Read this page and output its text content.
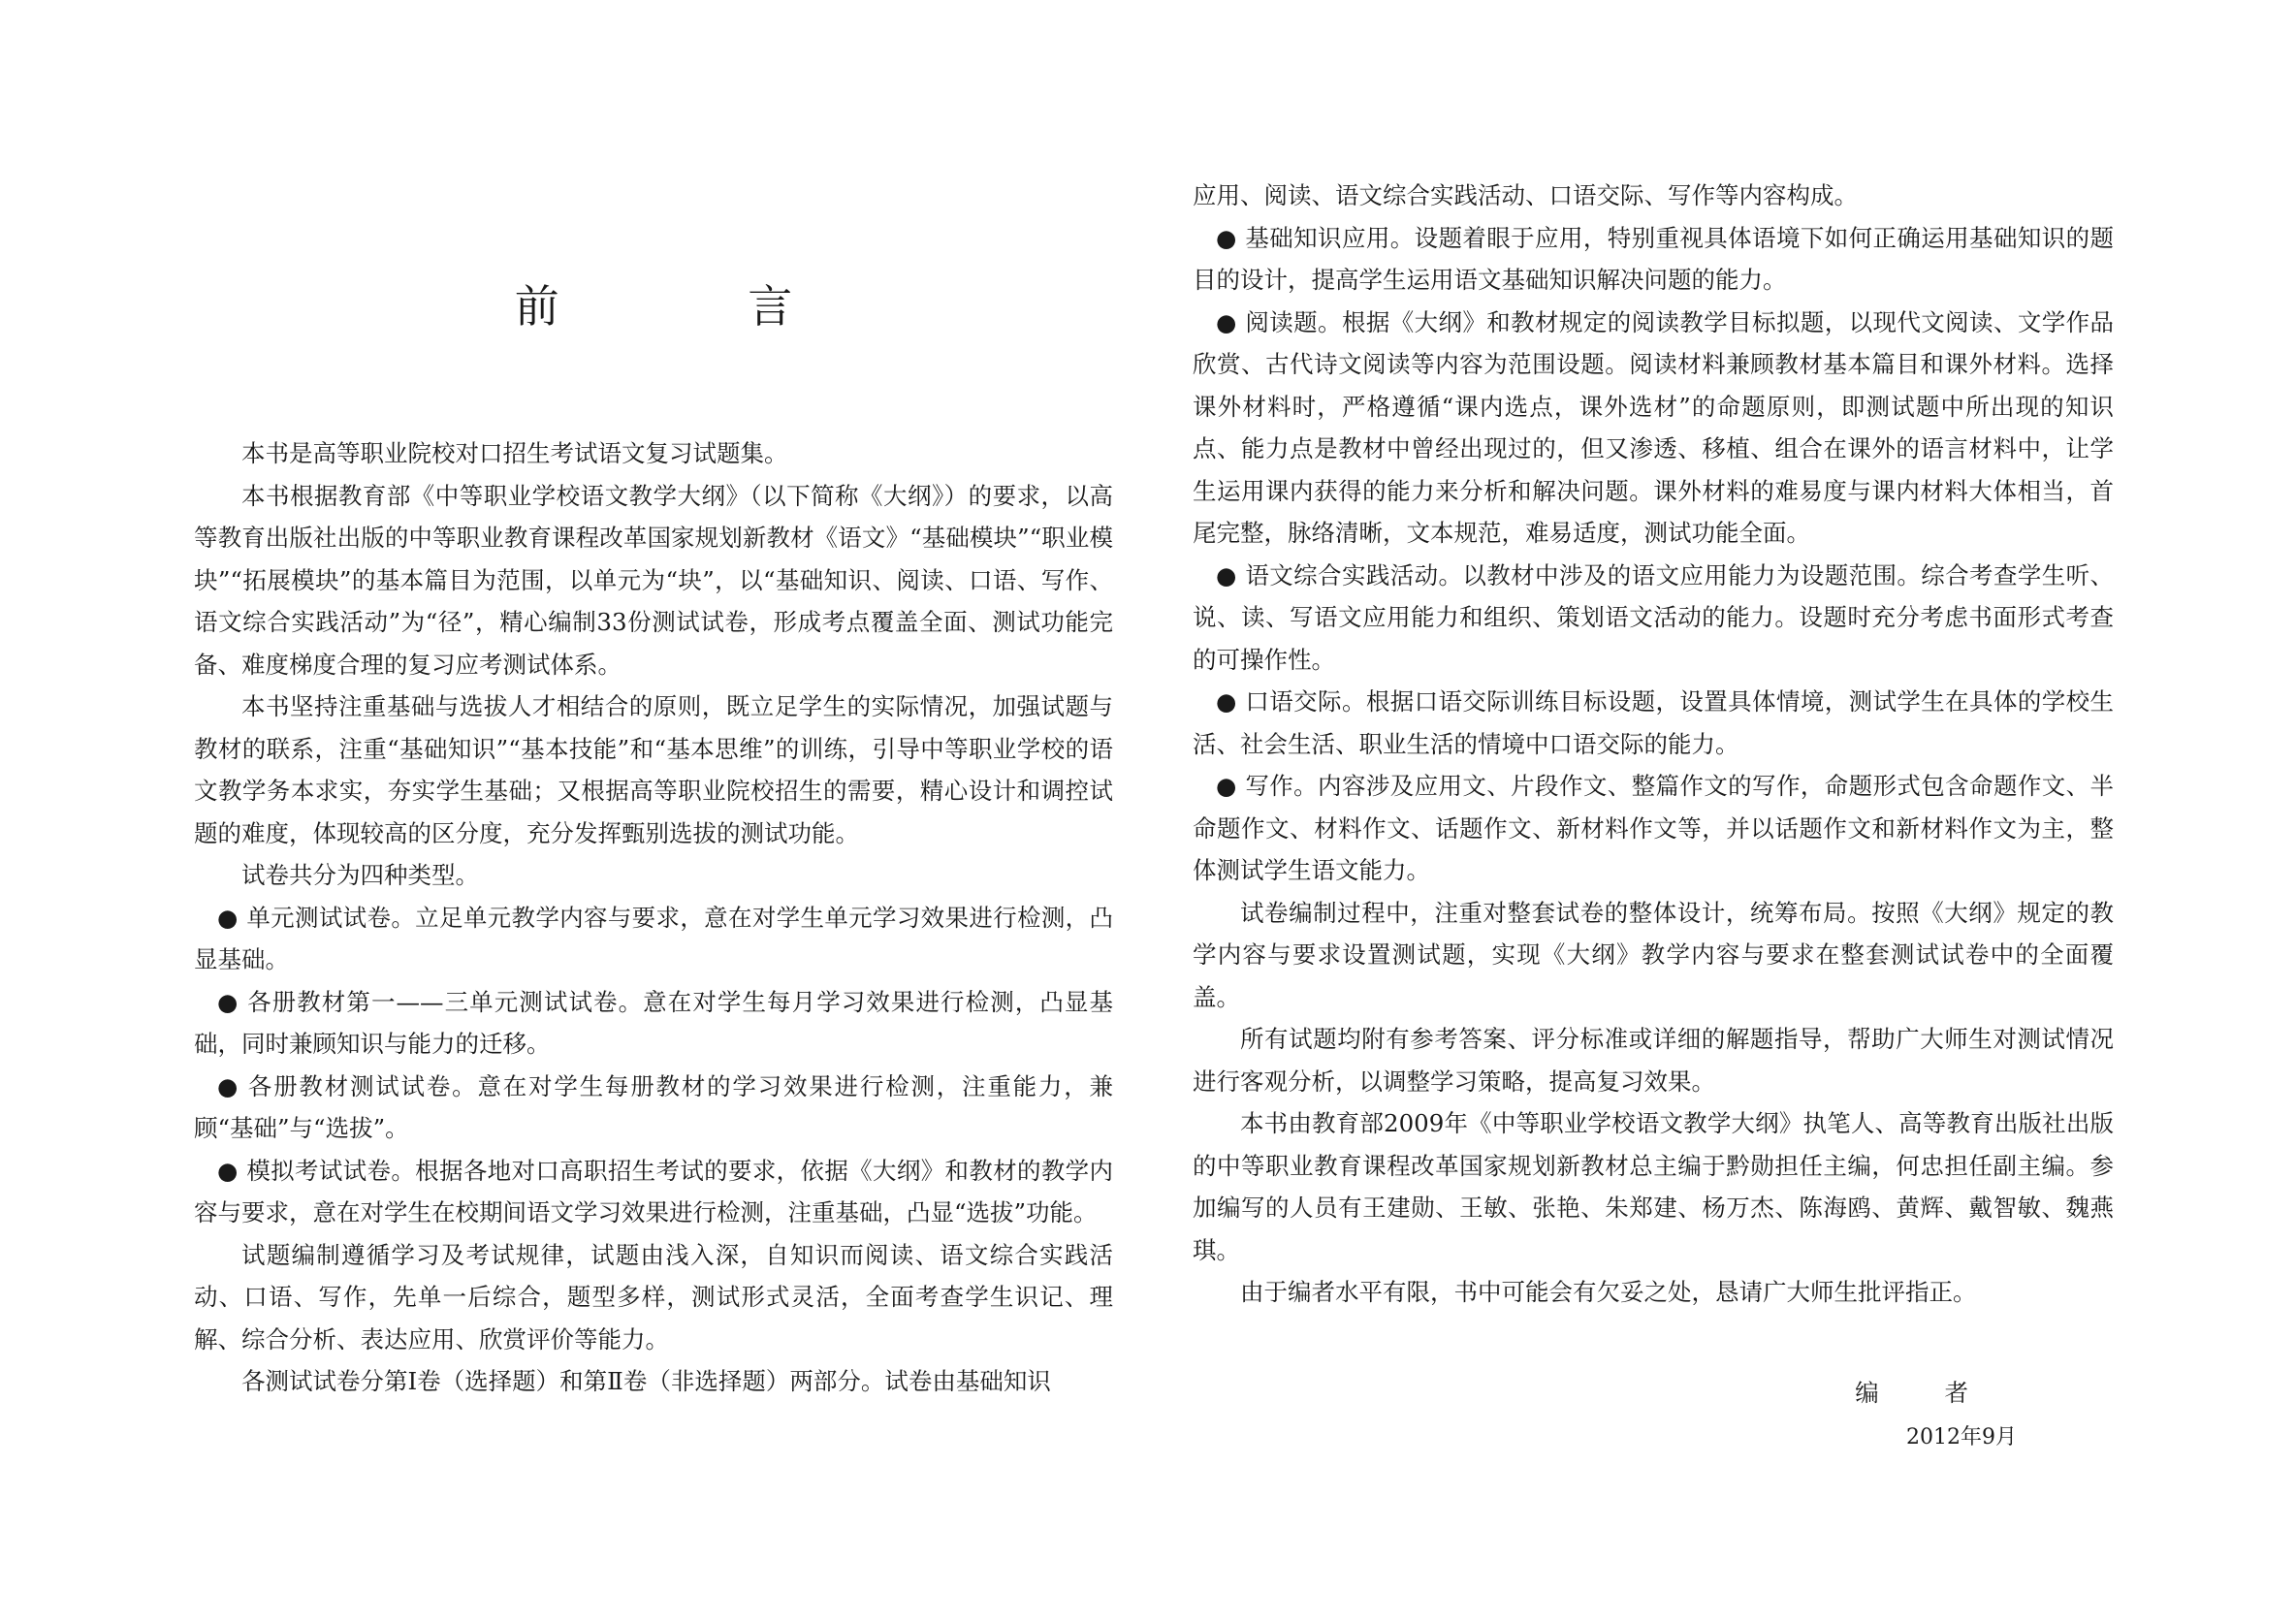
前 言

本书是高等职业院校对口招生考试语文复习试题集。

本书根据教育部《中等职业学校语文教学大纲》（以下简称《大纲》）的要求，以高等教育出版社出版的中等职业教育课程改革国家规划新教材《语文》“基础模块”“职业模块”“拓展模块”的基本篇目为范围，以单元为“块”，以“基础知识、阅读、口语、写作、语文综合实践活动”为“径”，精心编制33份测试试卷，形成考点覆盖全面、测试功能完备、难度梯度合理的复习应考测试体系。

本书坚持注重基础与选拔人才相结合的原则，既立足学生的实际情况，加强试题与教材的联系，注重“基础知识”“基本技能”和“基本思维”的训练，引导中等职业学校的语文教学务本求实，夯实学生基础；又根据高等职业院校招生的需要，精心设计和调控试题的难度，体现较高的区分度，充分发挥甄别选拔的测试功能。

试卷共分为四种类型。

● 单元测试试卷。立足单元教学内容与要求，意在对学生单元学习效果进行检测，凸显基础。

● 各册教材第一——三单元测试试卷。意在对学生每月学习效果进行检测，凸显基础，同时兼顾知识与能力的迁移。

● 各册教材测试试卷。意在对学生每册教材的学习效果进行检测，注重能力，兼顾“基础”与“选拔”。

● 模拟考试试卷。根据各地对口高职招生考试的要求，依据《大纲》和教材的教学内容与要求，意在对学生在校期间语文学习效果进行检测，注重基础，凸显“选拔”功能。

试题编制遵循学习及考试规律，试题由浅入深，自知识而阅读、语文综合实践活动、口语、写作，先单一后综合，题型多样，测试形式灵活，全面考查学生识记、理解、综合分析、表达应用、欣赏评价等能力。

各测试试卷分第Ⅰ卷（选择题）和第Ⅱ卷（非选择题）两部分。试卷由基础知识

应用、阅读、语文综合实践活动、口语交际、写作等内容构成。

● 基础知识应用。设题着眼于应用，特别重视具体语境下如何正确运用基础知识的题目的设计，提高学生运用语文基础知识解决问题的能力。

● 阅读题。根据《大纲》和教材规定的阅读教学目标拟题，以现代文阅读、文学作品欣赏、古代诗文阅读等内容为范围设题。阅读材料兼顾教材基本篇目和课外材料。选择课外材料时，严格遵循“课内选点，课外选材”的命题原则，即测试题中所出现的知识点、能力点是教材中曾经出现过的，但又渗透、移植、组合在课外的语言材料中，让学生运用课内获得的能力来分析和解决问题。课外材料的难易度与课内材料大体相当，首尾完整，脉络清晰，文本规范，难易适度，测试功能全面。

● 语文综合实践活动。以教材中涉及的语文应用能力为设题范围。综合考查学生听、说、读、写语文应用能力和组织、策划语文活动的能力。设题时充分考虑书面形式考查的可操作性。

● 口语交际。根据口语交际训练目标设题，设置具体情境，测试学生在具体的学校生活、社会生活、职业生活的情境中口语交际的能力。

● 写作。内容涉及应用文、片段作文、整篇作文的写作，命题形式包含命题作文、半命题作文、材料作文、话题作文、新材料作文等，并以话题作文和新材料作文为主，整体测试学生语文能力。

试卷编制过程中，注重对整套试卷的整体设计，统筹布局。按照《大纲》规定的教学内容与要求设置测试题，实现《大纲》教学内容与要求在整套测试试卷中的全面覆盖。

所有试题均附有参考答案、评分标准或详细的解题指导，帮助广大师生对测试情况进行客观分析，以调整学习策略，提高复习效果。

本书由教育部2009年《中等职业学校语文教学大纲》执笔人、高等教育出版社出版的中等职业教育课程改革国家规划新教材总主编于黔勋担任主编，何忠担任副主编。参加编写的人员有王建勋、王敏、张艳、朱郑建、杨万杰、陈海鸥、黄辉、戴智敏、魏燕琪。

由于编者水平有限，书中可能会有欠妥之处，恳请广大师生批评指正。

编 者
2012年9月
